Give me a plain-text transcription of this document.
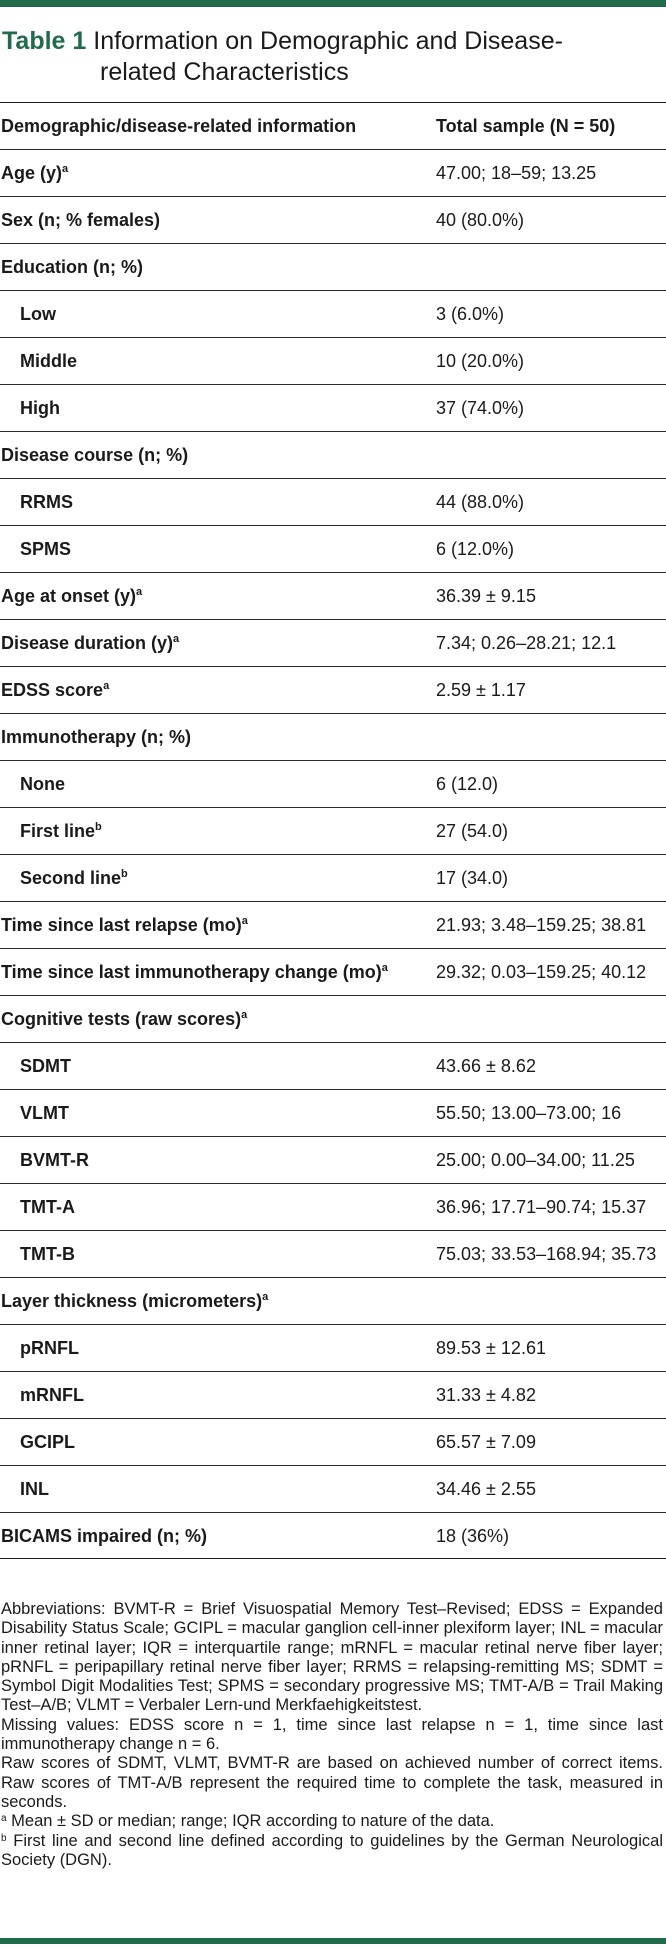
Table 1 Information on Demographic and Disease-
related Characteristics
Demographic/disease-related information	Total sample (N = 50)
Age $(y)^a$	47.00; 18–59; 13.25
Sex (n; % females)	40 (80.0%)
Education (n; %)
Low	3 (6.0%)
Middle	10 (20.0%)
High	37 (74.0%)
Disease course (n; %)
RRMS	44 (88.0%)
SPMS	6 (12.0%)
Age at onset $(y)^a$	36.39 ± 9.15
Disease duration $(y)^a$	7.34; 0.26–28.21; 12.1
EDSS score$^a$	2.59 ± 1.17
Immunotherapy (n; %)
None	6 (12.0)
First line$^b$	27 (54.0)
Second line$^b$	17 (34.0)
Time since last relapse (mo)$^a$	21.93; 3.48–159.25; 38.81
Time since last immunotherapy change (mo)$^a$	29.32; 0.03–159.25; 40.12
Cognitive tests (raw scores)$^a$
SDMT	43.66 ± 8.62
VLMT	55.50; 13.00–73.00; 16
BVMT-R	25.00; 0.00–34.00; 11.25
TMT-A	36.96; 17.71–90.74; 15.37
TMT-B	75.03; 33.53–168.94; 35.73
Layer thickness (micrometers)$^a$
pRNFL	89.53 ± 12.61
mRNFL	31.33 ± 4.82
GCIPL	65.57 ± 7.09
INL	34.46 ± 2.55
BICAMS impaired (n; %)	18 (36%)

Abbreviations: BVMT-R = Brief Visuospatial Memory Test–Revised; EDSS = Expanded Disability Status Scale; GCIPL = macular ganglion cell-inner plexiform layer; INL = macular inner retinal layer; IQR = interquartile range; mRNFL = macular retinal nerve fiber layer; pRNFL = peripapillary retinal nerve fiber layer; RRMS = relapsing-remitting MS; SDMT = Symbol Digit Modalities Test; SPMS = secondary progressive MS; TMT-A/B = Trail Making Test–A/B; VLMT = Verbaler Lern-und Merkfaehigkeitstest.

Missing values: EDSS score n = 1, time since last relapse n = 1, time since last immunotherapy change n = 6.

Raw scores of SDMT, VLMT, BVMT-R are based on achieved number of correct items. Raw scores of TMT-A/B represent the required time to complete the task, measured in seconds.

$^a$ Mean ± SD or median; range; IQR according to nature of the data.

$^b$ First line and second line defined according to guidelines by the German Neurological Society (DGN).
